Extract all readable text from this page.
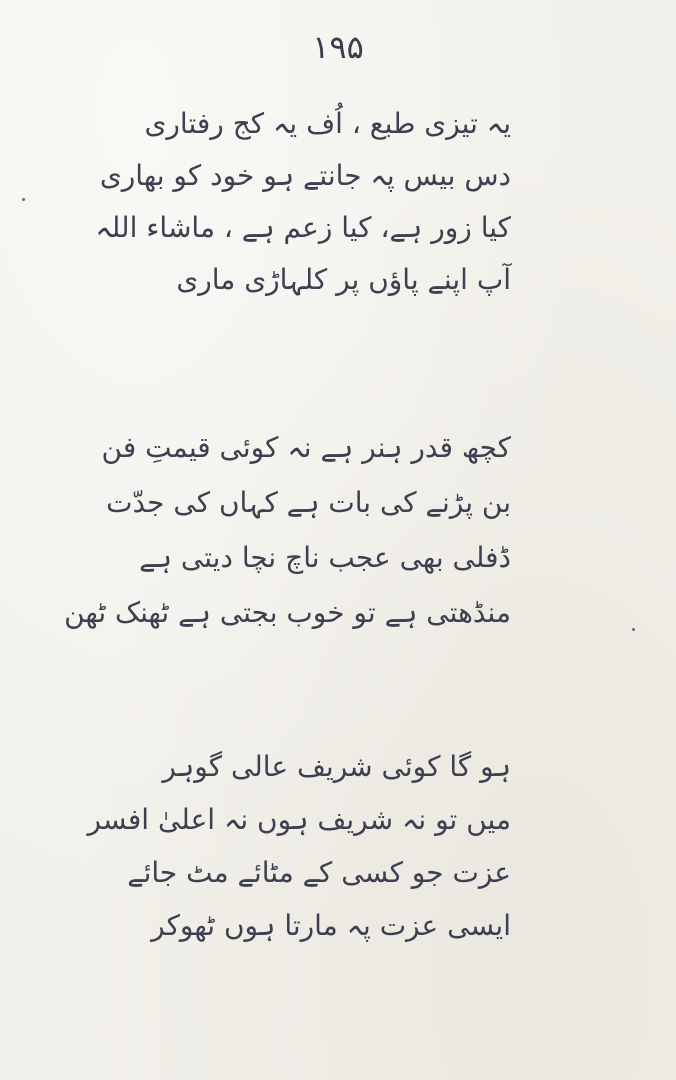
۱۹۵
یہ تیزی طبع ، اُف یہ کج رفتاری
دس بیس پہ جانتے ہو خود کو بھاری
کیا زور ہے، کیا زعم ہے ، ماشاء اللہ
آپ اپنے پاؤں پر کلہاڑی ماری
کچھ قدر ہنر ہے نہ کوئی قیمتِ فن
بن پڑنے کی بات ہے کہاں کی جدّت
ڈفلی بھی عجب ناچ نچا دیتی ہے
منڈھتی ہے تو خوب بجتی ہے ٹھنک ٹھن
ہو گا کوئی شریف عالی گوہر
میں تو نہ شریف ہوں نہ اعلیٰ افسر
عزت جو کسی کے مٹائے مٹ جائے
ایسی عزت پہ مارتا ہوں ٹھوکر
